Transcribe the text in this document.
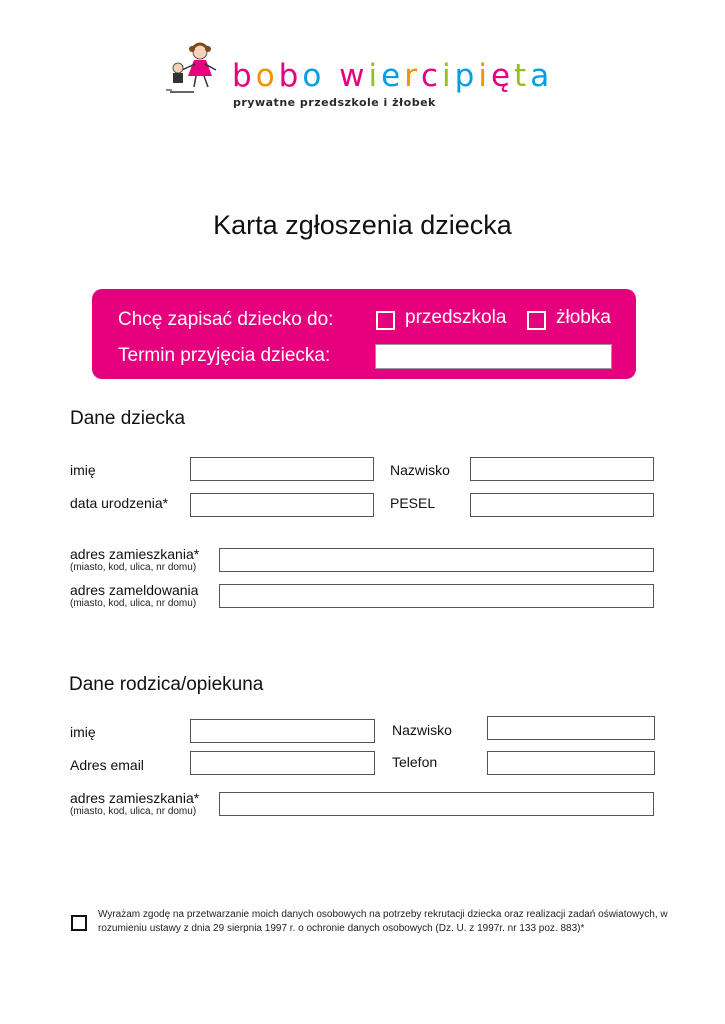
bobo wiercipięta
prywatne przedszkole i żłobek
Karta zgłoszenia dziecka
Chcę zapisać dziecko do:	przedszkola	żłobka
Termin przyjęcia dziecka:
Dane dziecka
imię	Nazwisko
data urodzenia*	PESEL
adres zamieszkania*
(miasto, kod, ulica, nr domu)
adres zameldowania
(miasto, kod, ulica, nr domu)
Dane rodzica/opiekuna
imię	Nazwisko
Adres email	Telefon
adres zamieszkania*
(miasto, kod, ulica, nr domu)
Wyrażam zgodę na przetwarzanie moich danych osobowych na potrzeby rekrutacji dziecka oraz realizacji zadań oświatowych, w rozumieniu ustawy z dnia 29 sierpnia 1997 r. o ochronie danych osobowych (Dz. U. z 1997r. nr 133 poz. 883)*
